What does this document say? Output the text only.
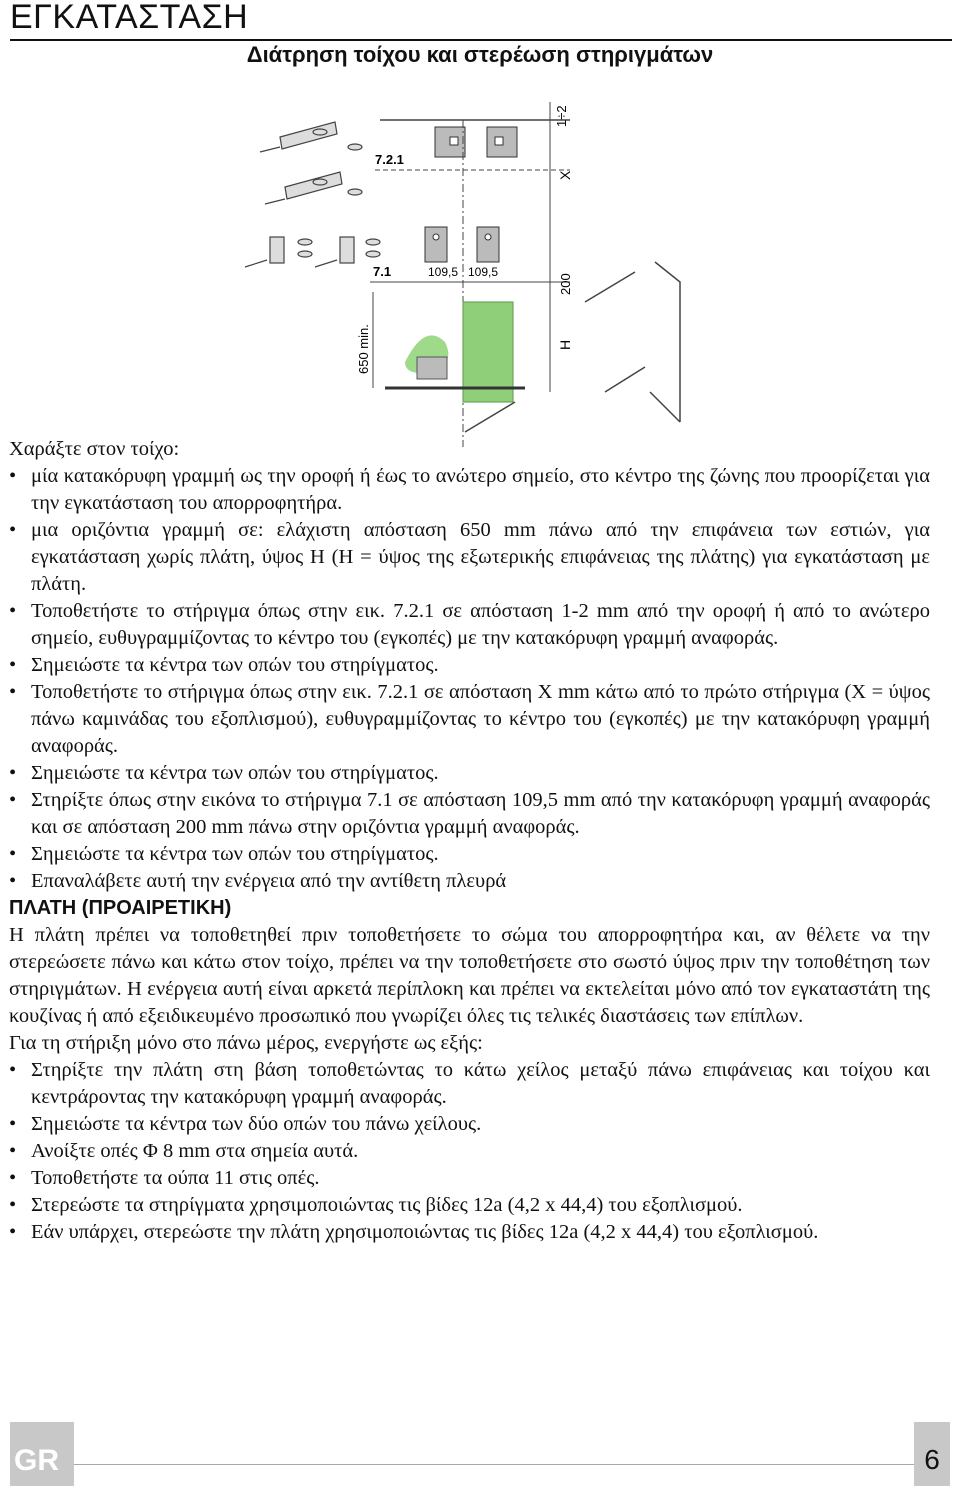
ΕΓΚΑΤΑΣΤΑΣΗ
Διάτρηση τοίχου και στερέωση στηριγμάτων
7.2.1
7.1	109,5 109,5
650 min.
1÷2
X
200
H

Χαράξτε στον τοίχο:

• μία κατακόρυφη γραμμή ως την οροφή ή έως το ανώτερο σημείο, στο κέντρο της ζώνης που προορίζεται για την εγκατάσταση του απορροφητήρα.
• μια οριζόντια γραμμή σε: ελάχιστη απόσταση 650 mm πάνω από την επιφάνεια των εστιών, για εγκατάσταση χωρίς πλάτη, ύψος H (H = ύψος της εξωτερικής επιφάνειας της πλάτης) για εγκατάσταση με πλάτη.
• Τοποθετήστε το στήριγμα όπως στην εικ. 7.2.1 σε απόσταση 1-2 mm από την οροφή ή από το ανώτερο σημείο, ευθυγραμμίζοντας το κέντρο του (εγκοπές) με την κατακόρυφη γραμμή αναφοράς.
• Σημειώστε τα κέντρα των οπών του στηρίγματος.
• Τοποθετήστε το στήριγμα όπως στην εικ. 7.2.1 σε απόσταση X mm κάτω από το πρώτο στήριγμα (X = ύψος πάνω καμινάδας του εξοπλισμού), ευθυγραμμίζοντας το κέντρο του (εγκοπές) με την κατακόρυφη γραμμή αναφοράς.
• Σημειώστε τα κέντρα των οπών του στηρίγματος.
• Στηρίξτε όπως στην εικόνα το στήριγμα 7.1 σε απόσταση 109,5 mm από την κατακόρυφη γραμμή αναφοράς και σε απόσταση 200 mm πάνω στην οριζόντια γραμμή αναφοράς.
• Σημειώστε τα κέντρα των οπών του στηρίγματος.
• Επαναλάβετε αυτή την ενέργεια από την αντίθετη πλευρά

ΠΛΑΤΗ (ΠΡΟΑΙΡΕΤΙΚΗ)

Η πλάτη πρέπει να τοποθετηθεί πριν τοποθετήσετε το σώμα του απορροφητήρα και, αν θέλετε να την στερεώσετε πάνω και κάτω στον τοίχο, πρέπει να την τοποθετήσετε στο σωστό ύψος πριν την τοποθέτηση των στηριγμάτων. Η ενέργεια αυτή είναι αρκετά περίπλοκη και πρέπει να εκτελείται μόνο από τον εγκαταστάτη της κουζίνας ή από εξειδικευμένο προσωπικό που γνωρίζει όλες τις τελικές διαστάσεις των επίπλων.

Για τη στήριξη μόνο στο πάνω μέρος, ενεργήστε ως εξής:

• Στηρίξτε την πλάτη στη βάση τοποθετώντας το κάτω χείλος μεταξύ πάνω επιφάνειας και τοίχου και κεντράροντας την κατακόρυφη γραμμή αναφοράς.
• Σημειώστε τα κέντρα των δύο οπών του πάνω χείλους.
• Ανοίξτε οπές Φ 8 mm στα σημεία αυτά.
• Τοποθετήστε τα ούπα 11 στις οπές.
• Στερεώστε τα στηρίγματα χρησιμοποιώντας τις βίδες 12a (4,2 x 44,4) του εξοπλισμού.
• Εάν υπάρχει, στερεώστε την πλάτη χρησιμοποιώντας τις βίδες 12a (4,2 x 44,4) του εξοπλισμού.
GR	6
